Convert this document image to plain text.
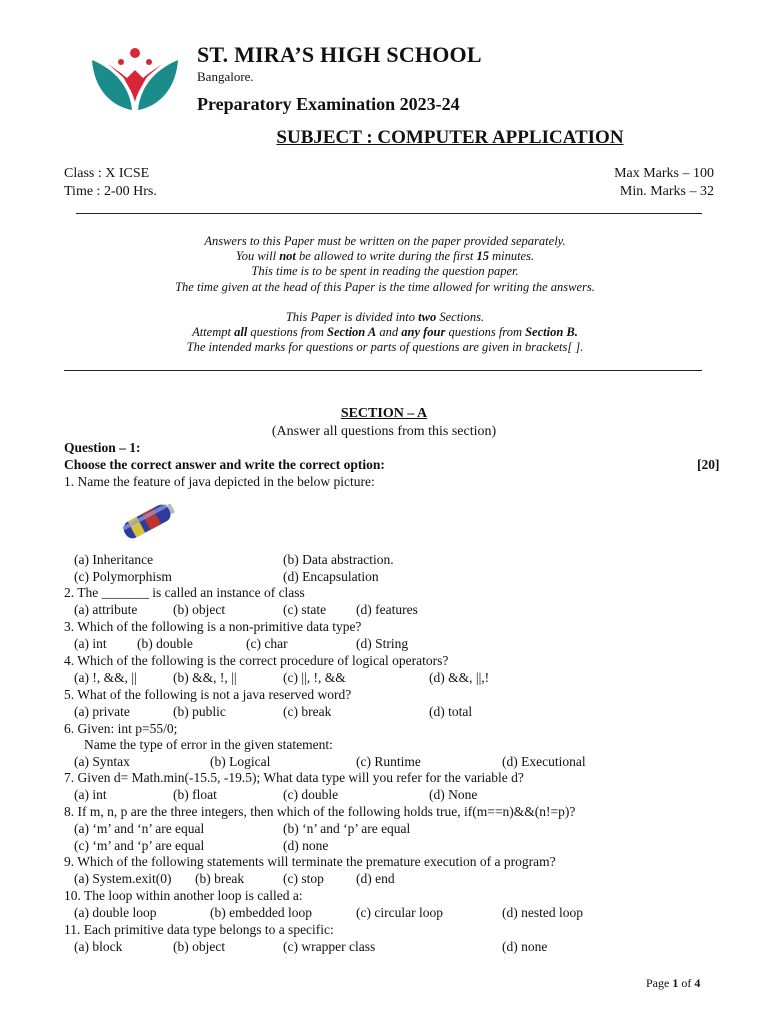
ST. MIRA’S HIGH SCHOOL
Bangalore.
Preparatory Examination 2023-24
SUBJECT : COMPUTER APPLICATION
Class : X ICSE
Time : 2-00 Hrs.
Max Marks – 100
Min. Marks – 32

Answers to this Paper must be written on the paper provided separately.

You will not be allowed to write during the first 15 minutes.

This time is to be spent in reading the question paper.

The time given at the head of this Paper is the time allowed for writing the answers.

This Paper is divided into two Sections.

Attempt all questions from Section A and any four questions from Section B.

The intended marks for questions or parts of questions are given in brackets[ ].

SECTION – A
(Answer all questions from this section)
Question – 1:
Choose the correct answer and write the correct option:	[20]
1. Name the feature of java depicted in the below picture:
(a) Inheritance	(b) Data abstraction.
(c) Polymorphism	(d) Encapsulation
2. The _______ is called an instance of class
(a) attribute	(b) object	(c) state (d) features
3. Which of the following is a non-primitive data type?
(a) int (b) double	(c) char	(d) String
4. Which of the following is the correct procedure of logical operators?
(a) !, &&, ||	(b) &&, !, ||	(c) ||, !, &&	(d) &&, ||,!
5. What of the following is not a java reserved word?
(a) private	(b) public	(c) break	(d) total
6. Given: int p=55/0;
Name the type of error in the given statement:
(a) Syntax	(b) Logical	(c) Runtime	(d) Executional
7. Given d= Math.min(-15.5, -19.5); What data type will you refer for the variable d?
(a) int	(b) float	(c) double	(d) None
8. If m, n, p are the three integers, then which of the following holds true, if(m==n)&&(n!=p)?
(a) ‘m’ and ‘n’ are equal	(b) ‘n’ and ‘p’ are equal
(c) ‘m’ and ‘p’ are equal	(d) none
9. Which of the following statements will terminate the premature execution of a program?
(a) System.exit(0) (b) break	(c) stop (d) end
10. The loop within another loop is called a:
(a) double loop	(b) embedded loop	(c) circular loop	(d) nested loop
11. Each primitive data type belongs to a specific:
(a) block	(b) object	(c) wrapper class	(d) none
Page 1 of 4
